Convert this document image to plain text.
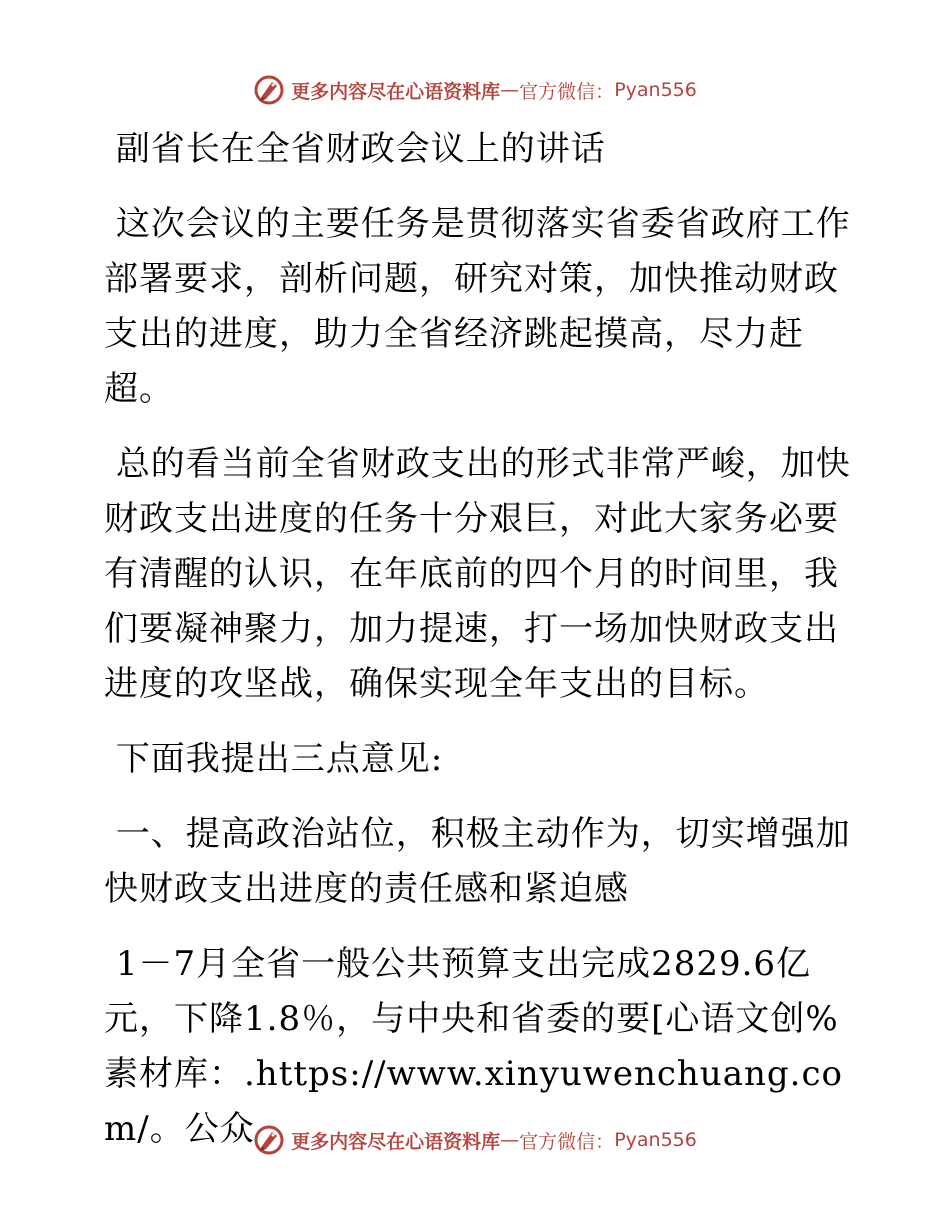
更多内容尽在心语资料库 — 官方微信： Pyan556

副省长在全省财政会议上的讲话

这次会议的主要任务是贯彻落实省委省政府工作部署要求，剖析问题，研究对策，加快推动财政支出的进度，助力全省经济跳起摸高，尽力赶超。

总的看当前全省财政支出的形式非常严峻，加快财政支出进度的任务十分艰巨，对此大家务必要有清醒的认识，在年底前的四个月的时间里，我们要凝神聚力，加力提速，打一场加快财政支出进度的攻坚战，确保实现全年支出的目标。

下面我提出三点意见:

一、提高政治站位，积极主动作为，切实增强加快财政支出进度的责任感和紧迫感

1－7月全省一般公共预算支出完成2829.6亿元，下降1.8％，与中央和省委的要[心语文创%素材库：.https://www.xinyuwenchuang.com/。公众	更多内容尽在心语资料库 — 官方微信： Pyan556
